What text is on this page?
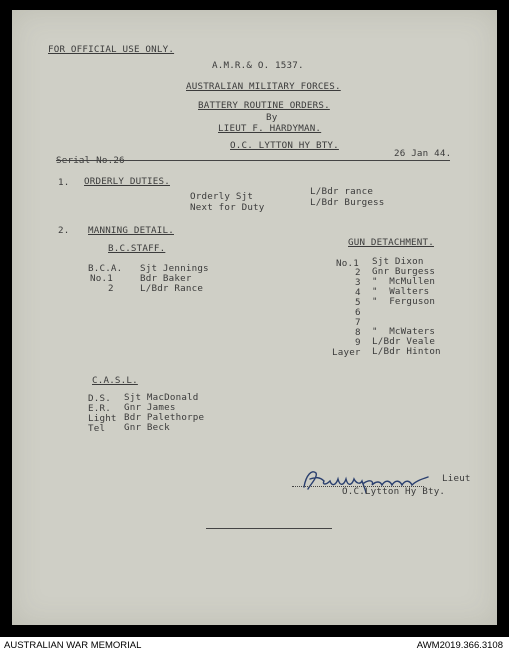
FOR OFFICIAL USE ONLY.
A.M.R.& O. 1537.
AUSTRALIAN MILITARY FORCES.
BATTERY ROUTINE ORDERS.
By
LIEUT F. HARDYMAN.
O.C. LYTTON HY BTY.
Serial No.26
26 Jan 44.
1. ORDERLY DUTIES.
Orderly Sjt	L/Bdr rance
Next for Duty	L/Bdr Burgess
2. MANNING DETAIL.
B.C.STAFF.
B.C.A. Sjt Jennings
No.1	Bdr Baker
2	L/Bdr Rance
GUN DETACHMENT.
No.1 Sjt Dixon
2 Gnr Burgess
3 "  McMullen
4 "  Walters
5 "  Ferguson
6
7
8 "  McWaters
9 L/Bdr Veale
Layer L/Bdr Hinton
C.A.S.L.
D.S. Sjt MacDonald
E.R. Gnr James
Light Bdr Palethorpe
Tel Gnr Beck
Lieut
O.C.Lytton Hy Bty.
AUSTRALIAN WAR MEMORIAL	AWM2019.366.3108
